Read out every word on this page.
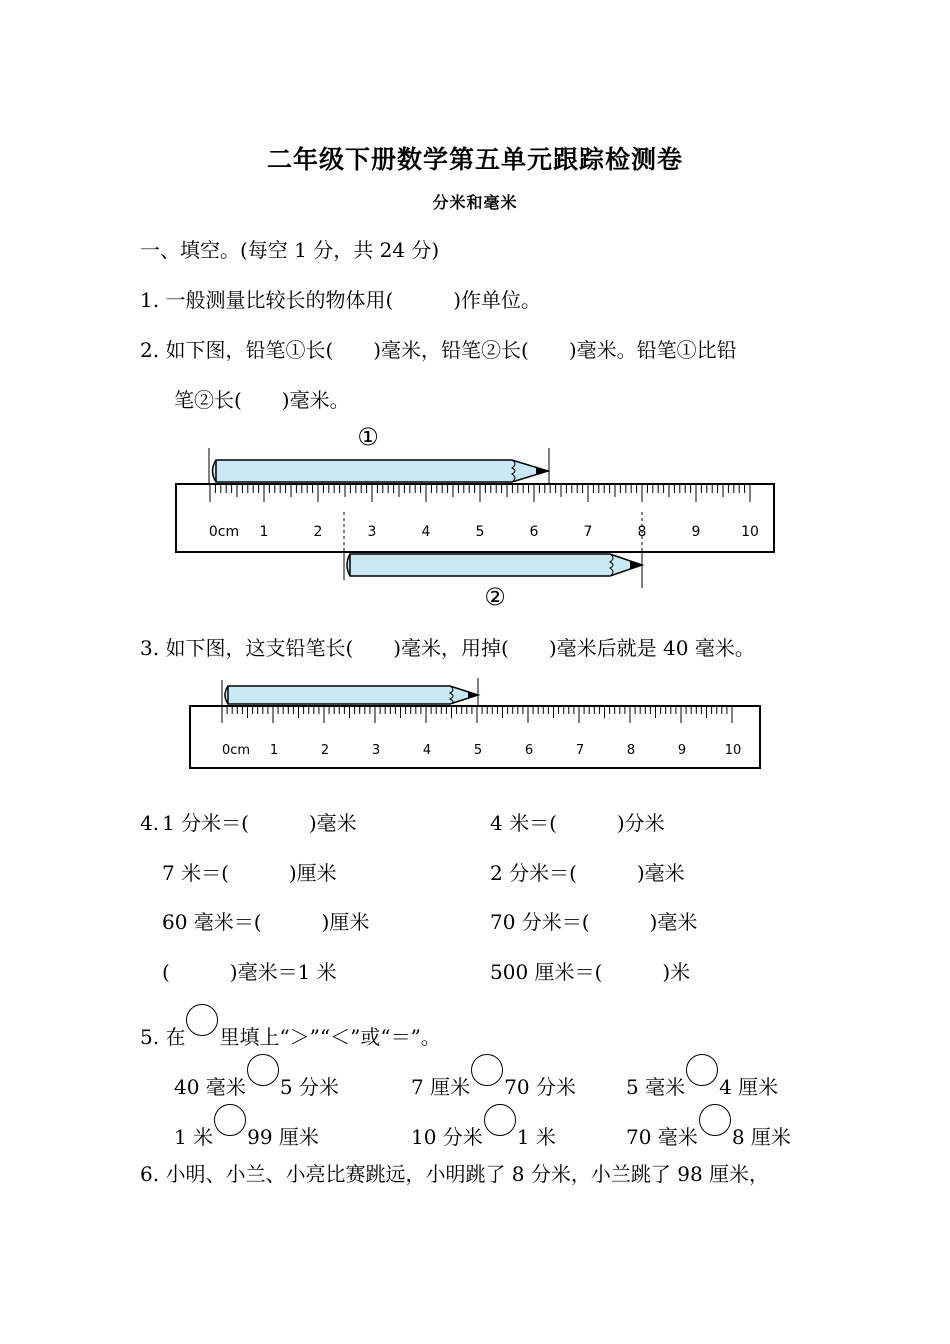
二年级下册数学第五单元跟踪检测卷
分米和毫米
一、填空。(每空 1 分，共 24 分)
1. 一般测量比较长的物体用(　　　)作单位。
2. 如下图，铅笔①长(　　)毫米，铅笔②长(　　)毫米。铅笔①比铅
笔②长(　　)毫米。
①
0cm 1	2	3	4	5	6	7	8	9	10
②
3. 如下图，这支铅笔长(　　)毫米，用掉(　　)毫米后就是 40 毫米。
0cm 1	2	3	4	5	6	7	8	9	10
4. 1 分米＝(　　　)毫米	4 米＝(　　　)分米
7 米＝(　　　)厘米	2 分米＝(　　　)毫米
60 毫米＝(　　　)厘米	70 分米＝(　　　)毫米
(　　　)毫米＝1 米	500 厘米＝(　　　)米
5. 在 里填上“＞”“＜”或“＝”。
40 毫米 5 分米	7 厘米 70 分米	5 毫米 4 厘米
1 米 99 厘米	10 分米 1 米	70 毫米 8 厘米
6. 小明、小兰、小亮比赛跳远，小明跳了 8 分米，小兰跳了 98 厘米，
